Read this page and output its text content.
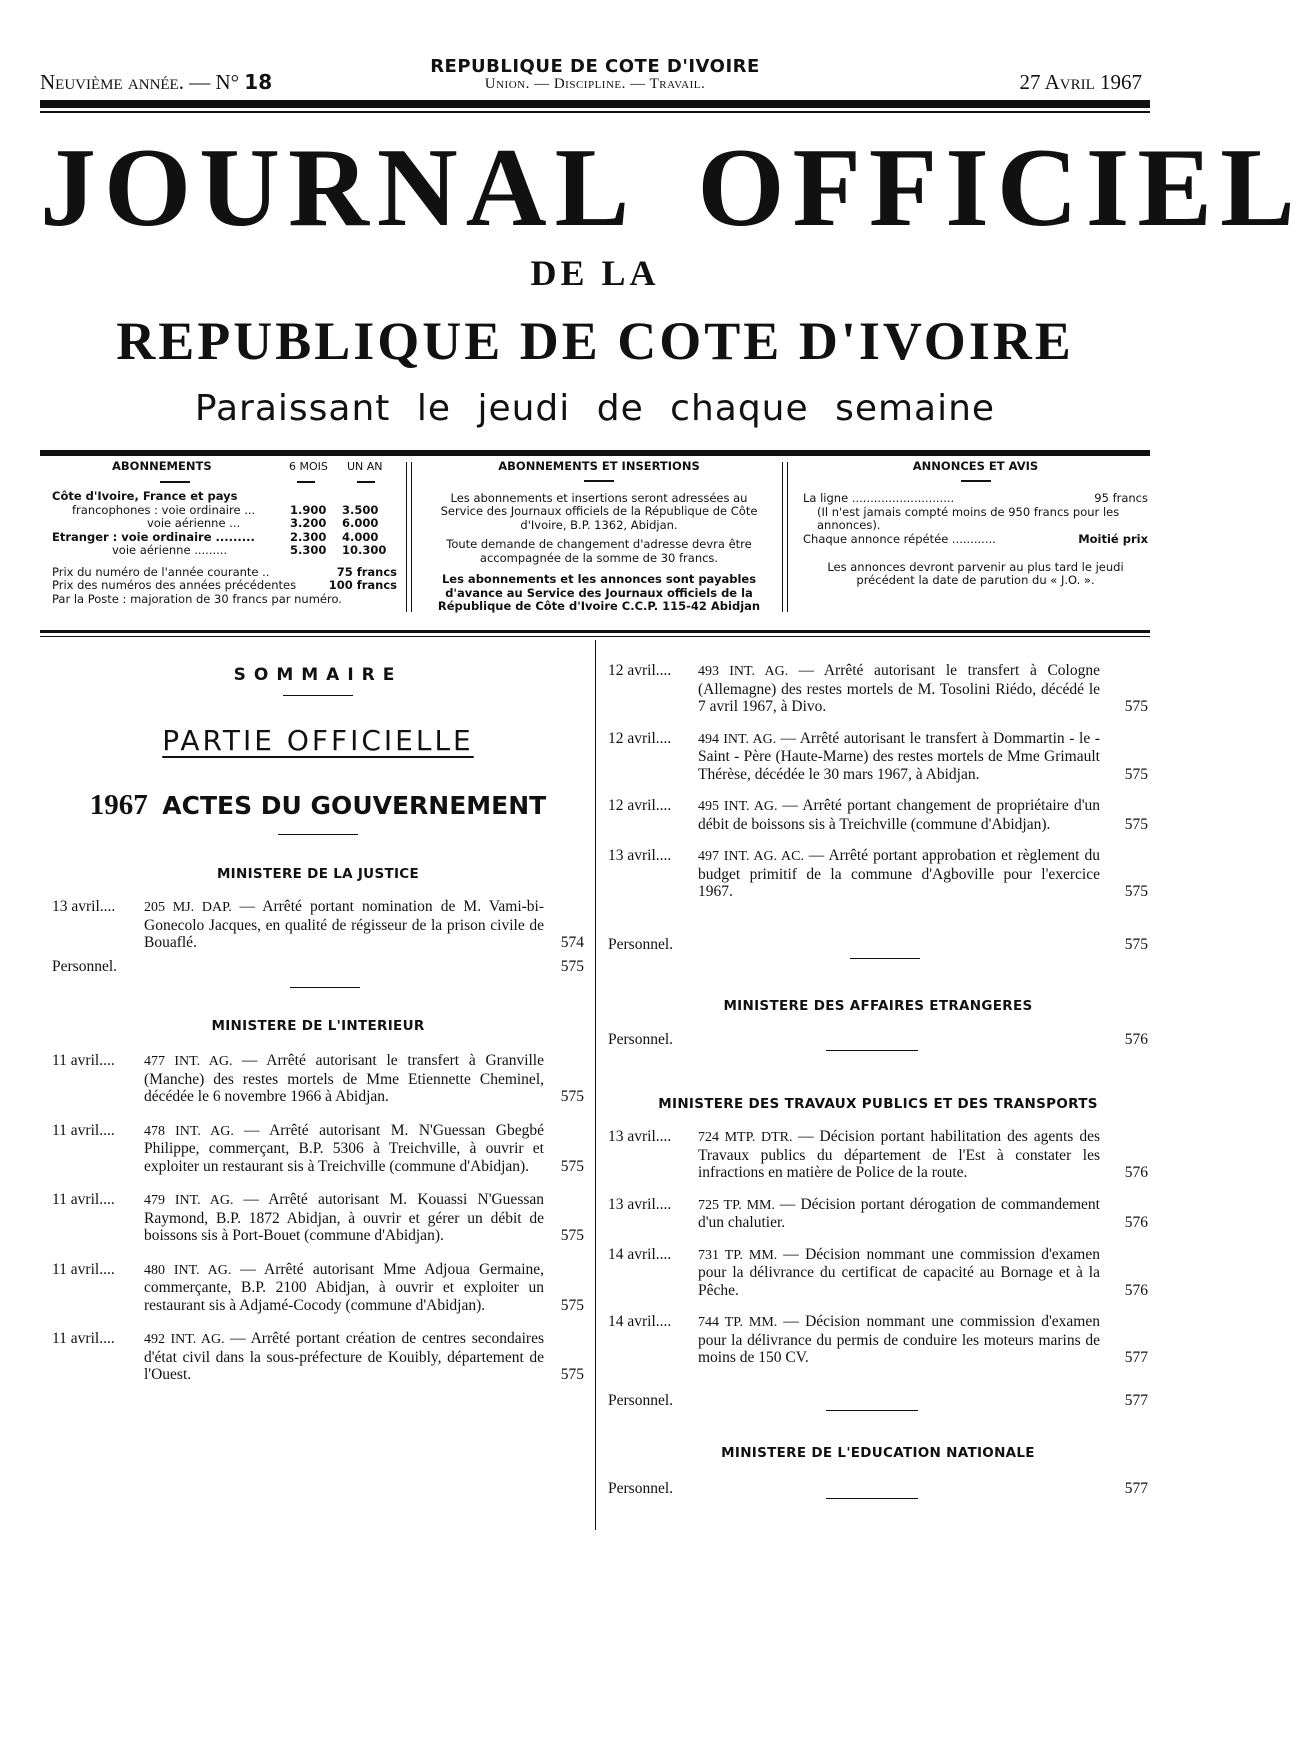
Neuvième année. — N° 18
REPUBLIQUE DE COTE D'IVOIRE
Union. — Discipline. — Travail.	27 Avril 1967
JOURNAL OFFICIEL
DE LA
REPUBLIQUE DE COTE D'IVOIRE
Paraissant le jeudi de chaque semaine
ABONNEMENTS	6 MOIS UN AN
Côte d'Ivoire, France et pays
francophones : voie ordinaire ...	1.900 3.500
voie aérienne ...	3.200 6.000
Etranger : voie ordinaire .........	2.300 4.000
voie aérienne .........	5.300 10.300
Prix du numéro de l'année courante ..	75 francs
Prix des numéros des années précédentes	100 francs
Par la Poste : majoration de 30 francs par numéro.
ABONNEMENTS ET INSERTIONS
Les abonnements et insertions seront adressées au Service des Journaux officiels de la République de Côte d'Ivoire, B.P. 1362, Abidjan.
Toute demande de changement d'adresse devra être accompagnée de la somme de 30 francs.
Les abonnements et les annonces sont payables d'avance au Service des Journaux officiels de la République de Côte d'Ivoire C.C.P. 115-42 Abidjan
ANNONCES ET AVIS
La ligne ............................	95 francs
(Il n'est jamais compté moins de 950 francs pour les annonces).
Chaque annonce répétée ............	Moitié prix
Les annonces devront parvenir au plus tard le jeudi précédent la date de parution du « J.O. ».
SOMMAIRE
PARTIE OFFICIELLE
1967 ACTES DU GOUVERNEMENT
MINISTERE DE LA JUSTICE
13 avril....	205 MJ. DAP. — Arrêté portant nomination de M. Vami-bi-Gonecolo Jacques, en qualité de régisseur de la prison civile de Bouaflé.	574
Personnel.	575
MINISTERE DE L'INTERIEUR
11 avril....	477 INT. AG. — Arrêté autorisant le transfert à Granville (Manche) des restes mortels de Mme Etiennette Cheminel, décédée le 6 novembre 1966 à Abidjan.	575
11 avril....	478 INT. AG. — Arrêté autorisant M. N'Guessan Gbegbé Philippe, commerçant, B.P. 5306 à Treichville, à ouvrir et exploiter un restaurant sis à Treichville (commune d'Abidjan).	575
11 avril....	479 INT. AG. — Arrêté autorisant M. Kouassi N'Guessan Raymond, B.P. 1872 Abidjan, à ouvrir et gérer un débit de boissons sis à Port-Bouet (commune d'Abidjan).	575
11 avril....	480 INT. AG. — Arrêté autorisant Mme Adjoua Germaine, commerçante, B.P. 2100 Abidjan, à ouvrir et exploiter un restaurant sis à Adjamé-Cocody (commune d'Abidjan).	575
11 avril....	492 INT. AG. — Arrêté portant création de centres secondaires d'état civil dans la sous-préfecture de Kouibly, département de l'Ouest.	575
12 avril....	493 INT. AG. — Arrêté autorisant le transfert à Cologne (Allemagne) des restes mortels de M. Tosolini Riédo, décédé le 7 avril 1967, à Divo.	575
12 avril....	494 INT. AG. — Arrêté autorisant le transfert à Dommartin - le - Saint - Père (Haute-Marne) des restes mortels de Mme Grimault Thérèse, décédée le 30 mars 1967, à Abidjan.	575
12 avril....	495 INT. AG. — Arrêté portant changement de propriétaire d'un débit de boissons sis à Treichville (commune d'Abidjan).	575
13 avril....	497 INT. AG. AC. — Arrêté portant approbation et règlement du budget primitif de la commune d'Agboville pour l'exercice 1967.	575
Personnel.	575
MINISTERE DES AFFAIRES ETRANGERES
Personnel.	576
MINISTERE DES TRAVAUX PUBLICS ET DES TRANSPORTS
13 avril....	724 MTP. DTR. — Décision portant habilitation des agents des Travaux publics du département de l'Est à constater les infractions en matière de Police de la route.	576
13 avril....	725 TP. MM. — Décision portant dérogation de commandement d'un chalutier.	576
14 avril....	731 TP. MM. — Décision nommant une commission d'examen pour la délivrance du certificat de capacité au Bornage et à la Pêche.	576
14 avril....	744 TP. MM. — Décision nommant une commission d'examen pour la délivrance du permis de conduire les moteurs marins de moins de 150 CV.	577
Personnel.	577
MINISTERE DE L'EDUCATION NATIONALE
Personnel.	577
